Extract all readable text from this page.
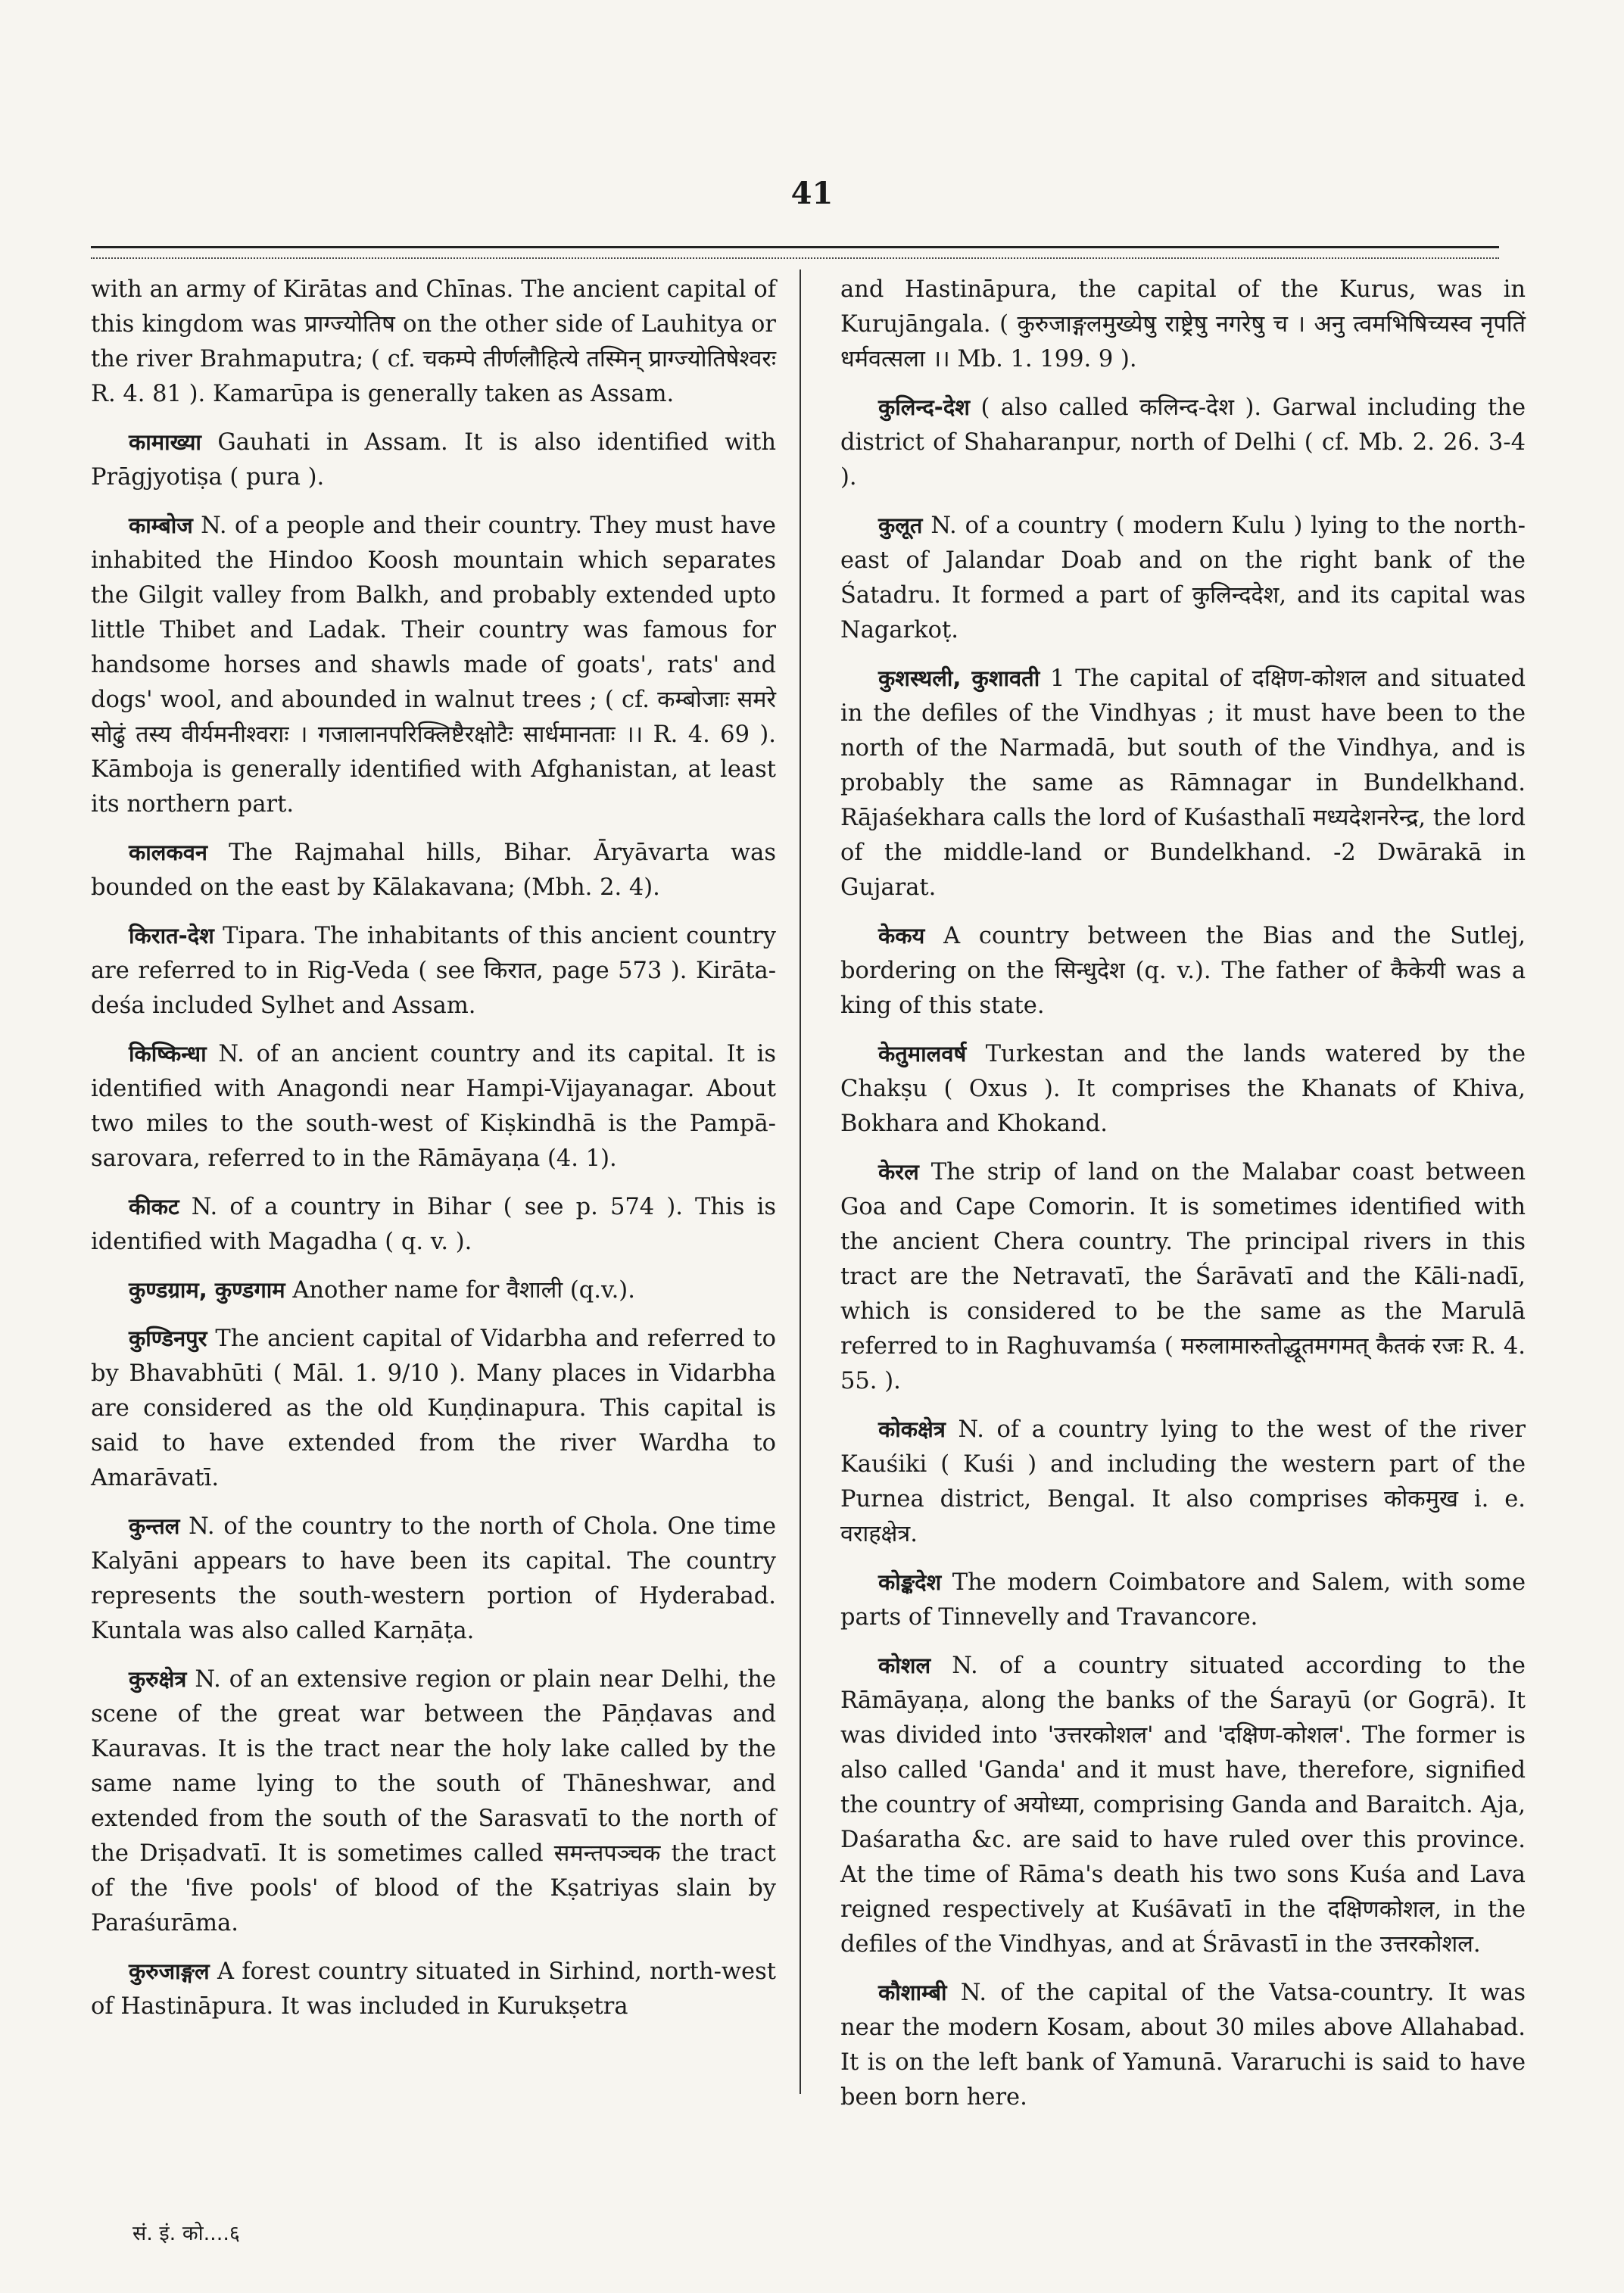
41

with an army of Kirātas and Chīnas. The ancient capital of this kingdom was प्राग्ज्योतिष on the other side of Lauhitya or the river Brahmaputra; ( cf. चकम्पे तीर्णलौहित्ये तस्मिन् प्राग्ज्योतिषेश्वरः R. 4. 81 ). Kamarūpa is generally taken as Assam.

कामाख्या Gauhati in Assam. It is also identified with Prāgjyotiṣa ( pura ).

काम्बोज N. of a people and their country. They must have inhabited the Hindoo Koosh mountain which separates the Gilgit valley from Balkh, and probably extended upto little Thibet and Ladak. Their country was famous for handsome horses and shawls made of goats', rats' and dogs' wool, and abounded in walnut trees ; ( cf. कम्बोजाः समरे सोढुं तस्य वीर्यमनीश्वराः । गजालानपरिक्लिष्टैरक्षोटैः सार्धमानताः ।। R. 4. 69 ). Kāmboja is generally identified with Afghanistan, at least its northern part.

कालकवन The Rajmahal hills, Bihar. Āryāvarta was bounded on the east by Kālakavana; (Mbh. 2. 4).

किरात-देश Tipara. The inhabitants of this ancient country are referred to in Rig-Veda ( see किरात, page 573 ). Kirāta-deśa included Sylhet and Assam.

किष्किन्धा N. of an ancient country and its capital. It is identified with Anagondi near Hampi-Vijayanagar. About two miles to the south-west of Kiṣkindhā is the Pampā-sarovara, referred to in the Rāmāyaṇa (4. 1).

कीकट N. of a country in Bihar ( see p. 574 ). This is identified with Magadha ( q. v. ).

कुण्डग्राम, कुण्डगाम Another name for वैशाली (q.v.).

कुण्डिनपुर The ancient capital of Vidarbha and referred to by Bhavabhūti ( Māl. 1. 9/10 ). Many places in Vidarbha are considered as the old Kuṇḍinapura. This capital is said to have extended from the river Wardha to Amarāvatī.

कुन्तल N. of the country to the north of Chola. One time Kalyāni appears to have been its capital. The country represents the south-western portion of Hyderabad. Kuntala was also called Karṇāṭa.

कुरुक्षेत्र N. of an extensive region or plain near Delhi, the scene of the great war between the Pāṇḍavas and Kauravas. It is the tract near the holy lake called by the same name lying to the south of Thāneshwar, and extended from the south of the Sarasvatī to the north of the Driṣadvatī. It is sometimes called समन्तपञ्चक the tract of the 'five pools' of blood of the Kṣatriyas slain by Paraśurāma.

कुरुजाङ्गल A forest country situated in Sirhind, north-west of Hastināpura. It was included in Kurukṣetra

and Hastināpura, the capital of the Kurus, was in Kurujāngala. ( कुरुजाङ्गलमुख्येषु राष्ट्रेषु नगरेषु च । अनु त्वमभिषिच्यस्व नृपतिं धर्मवत्सला ।। Mb. 1. 199. 9 ).

कुलिन्द-देश ( also called कलिन्द-देश ). Garwal including the district of Shaharanpur, north of Delhi ( cf. Mb. 2. 26. 3-4 ).

कुलूत N. of a country ( modern Kulu ) lying to the north-east of Jalandar Doab and on the right bank of the Śatadru. It formed a part of कुलिन्ददेश, and its capital was Nagarkoṭ.

कुशस्थली, कुशावती 1 The capital of दक्षिण-कोशल and situated in the defiles of the Vindhyas ; it must have been to the north of the Narmadā, but south of the Vindhya, and is probably the same as Rāmnagar in Bundelkhand. Rājaśekhara calls the lord of Kuśasthalī मध्यदेशनरेन्द्र, the lord of the middle-land or Bundelkhand. -2 Dwārakā in Gujarat.

केकय A country between the Bias and the Sutlej, bordering on the सिन्धुदेश (q. v.). The father of कैकेयी was a king of this state.

केतुमालवर्ष Turkestan and the lands watered by the Chakṣu ( Oxus ). It comprises the Khanats of Khiva, Bokhara and Khokand.

केरल The strip of land on the Malabar coast between Goa and Cape Comorin. It is sometimes identified with the ancient Chera country. The principal rivers in this tract are the Netravatī, the Śarāvatī and the Kāli-nadī, which is considered to be the same as the Marulā referred to in Raghuvamśa ( मरुलामारुतोद्धूतमगमत् कैतकं रजः R. 4. 55. ).

कोकक्षेत्र N. of a country lying to the west of the river Kauśiki ( Kuśi ) and including the western part of the Purnea district, Bengal. It also comprises कोकमुख i. e. वराहक्षेत्र.

कोङ्कदेश The modern Coimbatore and Salem, with some parts of Tinnevelly and Travancore.

कोशल N. of a country situated according to the Rāmāyaṇa, along the banks of the Śarayū (or Gogrā). It was divided into 'उत्तरकोशल' and 'दक्षिण-कोशल'. The former is also called 'Ganda' and it must have, therefore, signified the country of अयोध्या, comprising Ganda and Baraitch. Aja, Daśaratha &c. are said to have ruled over this province. At the time of Rāma's death his two sons Kuśa and Lava reigned respectively at Kuśāvatī in the दक्षिणकोशल, in the defiles of the Vindhyas, and at Śrāvastī in the उत्तरकोशल.

कौशाम्बी N. of the capital of the Vatsa-country. It was near the modern Kosam, about 30 miles above Allahabad. It is on the left bank of Yamunā. Vararuchi is said to have been born here.

सं. इं. को....६
